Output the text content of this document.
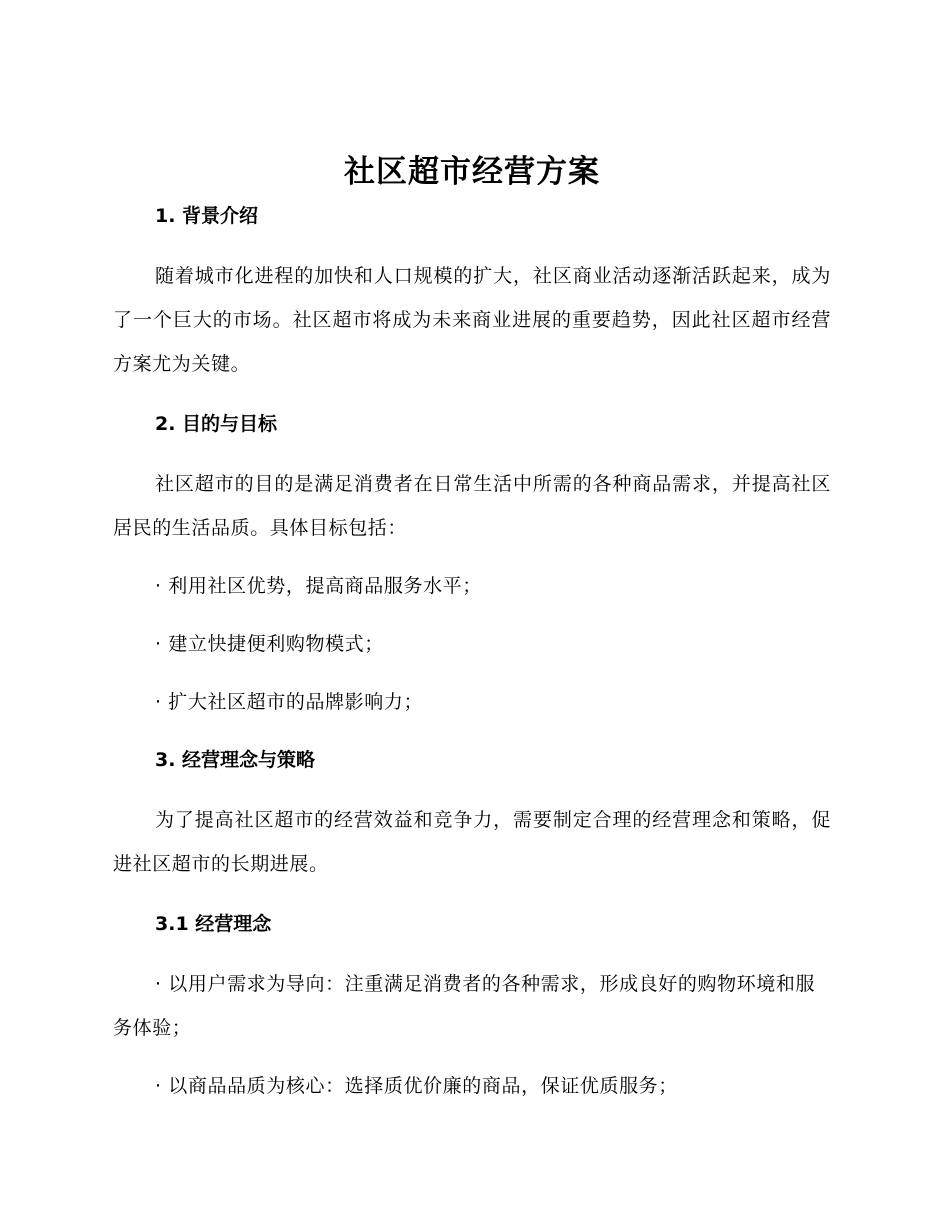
社区超市经营方案
1. 背景介绍

随着城市化进程的加快和人口规模的扩大，社区商业活动逐渐活跃起来，成为了一个巨大的市场。社区超市将成为未来商业进展的重要趋势，因此社区超市经营方案尤为关键。

2. 目的与目标

社区超市的目的是满足消费者在日常生活中所需的各种商品需求，并提高社区居民的生活品质。具体目标包括：

· 利用社区优势，提高商品服务水平；

· 建立快捷便利购物模式；

· 扩大社区超市的品牌影响力；

3. 经营理念与策略

为了提高社区超市的经营效益和竞争力，需要制定合理的经营理念和策略，促进社区超市的长期进展。

3.1 经营理念

· 以用户需求为导向：注重满足消费者的各种需求，形成良好的购物环境和服务体验；

· 以商品品质为核心：选择质优价廉的商品，保证优质服务；
